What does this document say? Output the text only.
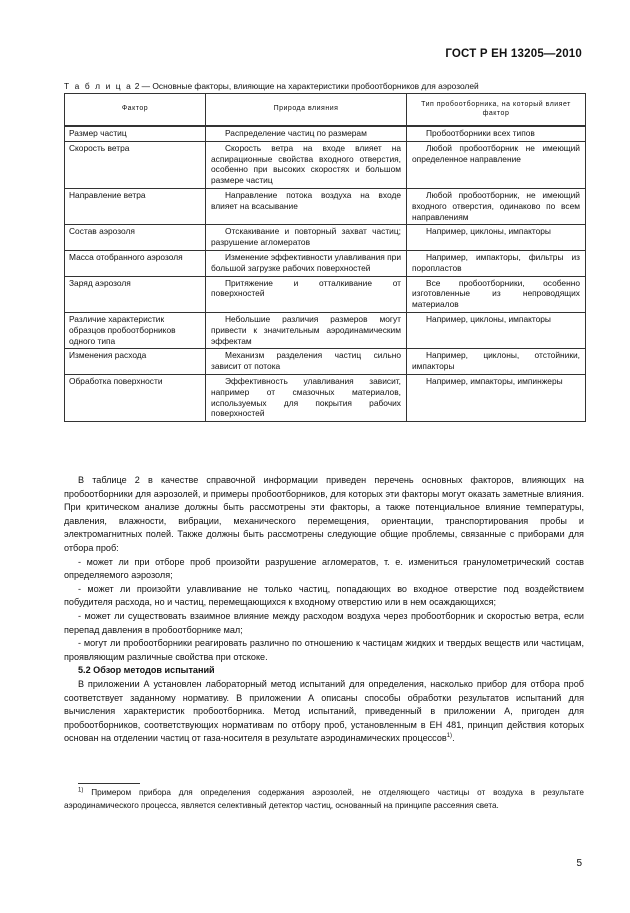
ГОСТ Р ЕН 13205—2010
Т а б л и ц а 2 — Основные факторы, влияющие на характеристики пробоотборников для аэрозолей
Фактор	Природа влияния	Тип пробоотборника, на который влияет фактор
Размер частиц	Распределение частиц по размерам	Пробоотборники всех типов
Скорость ветра	Скорость ветра на входе влияет на аспирационные свойства входного отверстия, особенно при высоких скоростях и большом размере частиц	Любой пробоотборник не имеющий определенное направление
Направление ветра	Направление потока воздуха на входе влияет на всасывание	Любой пробоотборник, не имеющий входного отверстия, одинаково по всем направлениям
Состав аэрозоля	Отскакивание и повторный захват частиц; разрушение агломератов	Например, циклоны, импакторы
Масса отобранного аэрозоля	Изменение эффективности улавливания при большой загрузке рабочих поверхностей	Например, импакторы, фильтры из поропластов
Заряд аэрозоля	Притяжение и отталкивание от поверхностей	Все пробоотборники, особенно изготовленные из непроводящих материалов
Различие характеристик образцов пробоотборников одного типа	Небольшие различия размеров могут привести к значительным аэродинамическим эффектам	Например, циклоны, импакторы
Изменения расхода	Механизм разделения частиц сильно зависит от потока	Например, циклоны, отстойники, импакторы
Обработка поверхности	Эффективность улавливания зависит, например от смазочных материалов, используемых для покрытия рабочих поверхностей	Например, импакторы, импинжеры

В таблице 2 в качестве справочной информации приведен перечень основных факторов, влияющих на пробоотборники для аэрозолей, и примеры пробоотборников, для которых эти факторы могут оказать заметные влияния. При критическом анализе должны быть рассмотрены эти факторы, а также потенциальное влияние температуры, давления, влажности, вибрации, механического перемещения, ориентации, транспортирования пробы и электромагнитных полей. Также должны быть рассмотрены следующие общие проблемы, связанные с приборами для отбора проб:

- может ли при отборе проб произойти разрушение агломератов, т. е. измениться гранулометрический состав определяемого аэрозоля;

- может ли произойти улавливание не только частиц, попадающих во входное отверстие под воздействием побудителя расхода, но и частиц, перемещающихся к входному отверстию или в нем осаждающихся;

- может ли существовать взаимное влияние между расходом воздуха через пробоотборник и скоростью ветра, если перепад давления в пробоотборнике мал;

- могут ли пробоотборники реагировать различно по отношению к частицам жидких и твердых веществ или частицам, проявляющим различные свойства при отскоке.

5.2 Обзор методов испытаний

В приложении А установлен лабораторный метод испытаний для определения, насколько прибор для отбора проб соответствует заданному нормативу. В приложении А описаны способы обработки результатов испытаний для вычисления характеристик пробоотборника. Метод испытаний, приведенный в приложении А, пригоден для пробоотборников, соответствующих нормативам по отбору проб, установленным в ЕН 481, принцип действия которых основан на отделении частиц от газа-носителя в результате аэродинамических процессов$^{1)}$.

$^{1)}$ Примером прибора для определения содержания аэрозолей, не отделяющего частицы от воздуха в результате аэродинамического процесса, является селективный детектор частиц, основанный на принципе рассеяния света.
5
